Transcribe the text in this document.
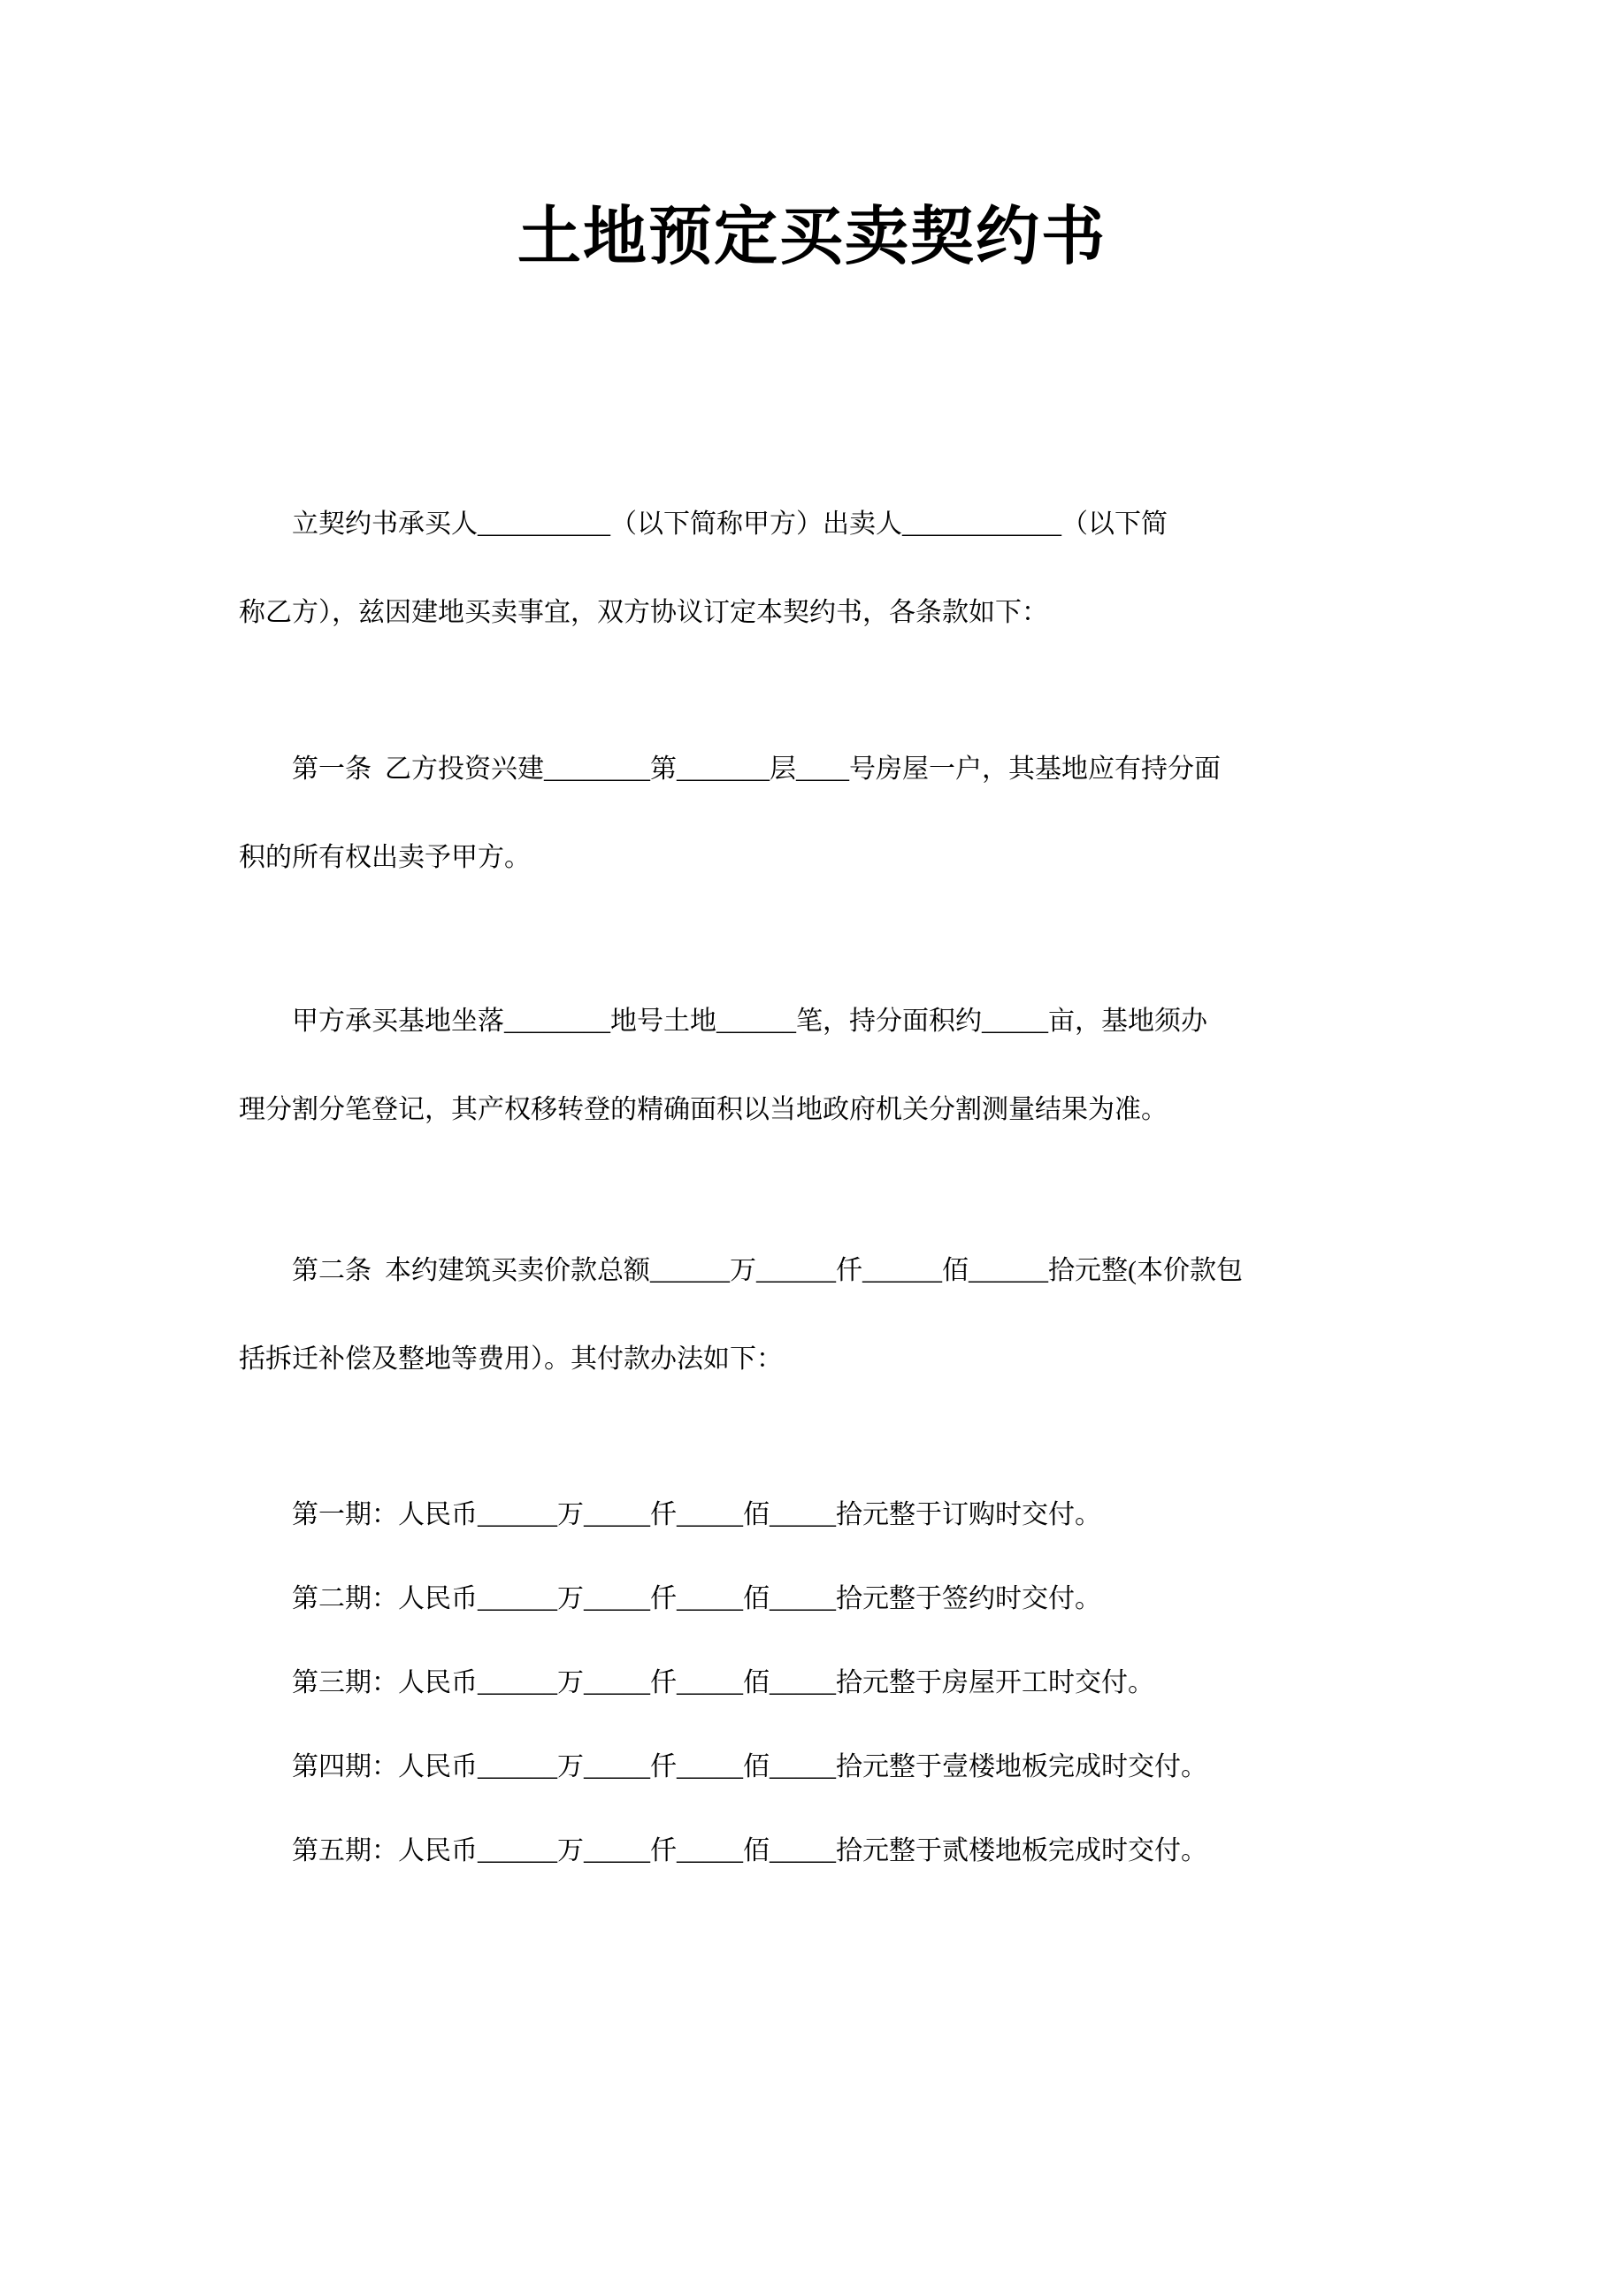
土地预定买卖契约书
立契约书承买人__________（以下简称甲方）出卖人____________（以下简
称乙方），兹因建地买卖事宜，双方协议订定本契约书，各条款如下：
第一条  乙方投资兴建________第_______层____号房屋一户，其基地应有持分面
积的所有权出卖予甲方。
甲方承买基地坐落________地号土地______笔，持分面积约_____亩，基地须办
理分割分笔登记，其产权移转登的精确面积以当地政府机关分割测量结果为准。
第二条  本约建筑买卖价款总额______万______仟______佰______拾元整(本价款包
括拆迁补偿及整地等费用）。其付款办法如下：
第一期：人民币______万_____仟_____佰_____拾元整于订购时交付。
第二期：人民币______万_____仟_____佰_____拾元整于签约时交付。
第三期：人民币______万_____仟_____佰_____拾元整于房屋开工时交付。
第四期：人民币______万_____仟_____佰_____拾元整于壹楼地板完成时交付。
第五期：人民币______万_____仟_____佰_____拾元整于贰楼地板完成时交付。
